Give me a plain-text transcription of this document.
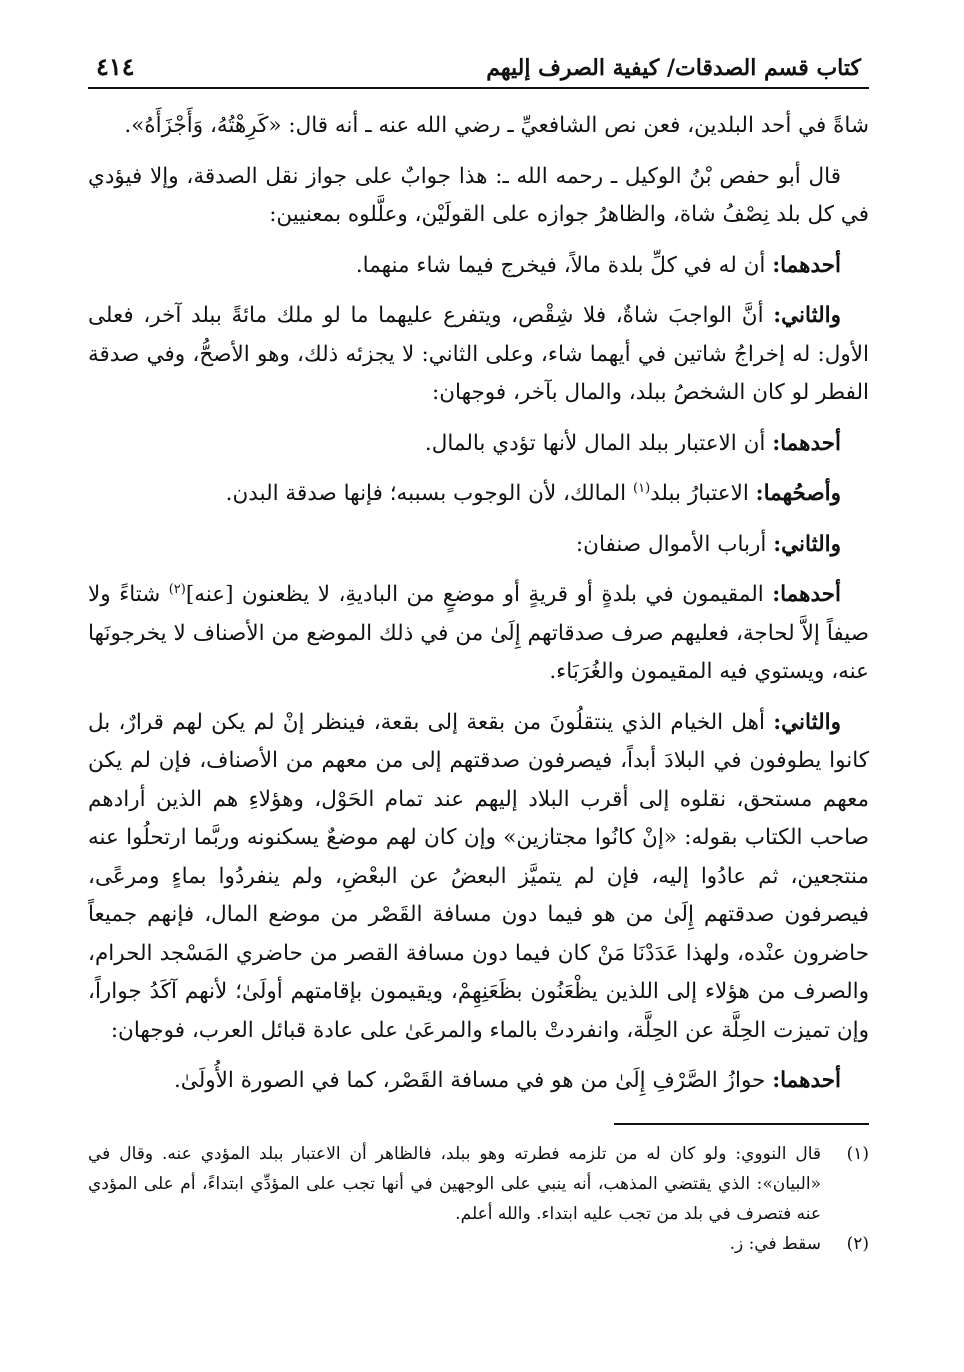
كتاب قسم الصدقات/ كيفية الصرف إليهم
٤١٤

شاةً في أحد البلدين، فعن نص الشافعيِّ ـ رضي الله عنه ـ أنه قال: «كَرِهْتُهُ، وَأَجْزَأَهُ».

قال أبو حفص بْنُ الوكيل ـ رحمه الله ـ: هذا جوابٌ على جواز نقل الصدقة، وإلا فيؤدي في كل بلد نِصْفُ شاة، والظاهرُ جوازه على القولَيْن، وعلَّلوه بمعنيين:

أحدهما: أن له في كلِّ بلدة مالاً، فيخرج فيما شاء منهما.

والثاني: أنَّ الواجبَ شاةٌ، فلا شِقْص، ويتفرع عليهما ما لو ملك مائةً ببلد آخر، فعلى الأول: له إخراجُ شاتين في أيهما شاء، وعلى الثاني: لا يجزئه ذلك، وهو الأصحُّ، وفي صدقة الفطر لو كان الشخصُ ببلد، والمال بآخر، فوجهان:

أحدهما: أن الاعتبار ببلد المال لأنها تؤدي بالمال.

وأصحُهما: الاعتبارُ ببلد$^{(١)}$ المالك، لأن الوجوب بسببه؛ فإنها صدقة البدن.

والثاني: أرباب الأموال صنفان:

أحدهما: المقيمون في بلدةٍ أو قريةٍ أو موضعٍ من الباديةِ، لا يظعنون [عنه]$^{(٢)}$ شتاءً ولا صيفاً إلاَّ لحاجة، فعليهم صرف صدقاتهم إِلَىٰ من في ذلك الموضع من الأصناف لا يخرجونَها عنه، ويستوي فيه المقيمون والغُرَبَاء.

والثاني: أهل الخيام الذي ينتقلُونَ من بقعة إلى بقعة، فينظر إنْ لم يكن لهم قرارٌ، بل كانوا يطوفون في البلادَ أبداً، فيصرفون صدقتهم إلى من معهم من الأصناف، فإن لم يكن معهم مستحق، نقلوه إلى أقرب البلاد إليهم عند تمام الحَوْل، وهؤلاءِ هم الذين أرادهم صاحب الكتاب بقوله: «إنْ كانُوا مجتازين» وإن كان لهم موضعٌ يسكنونه وربَّما ارتحلُوا عنه منتجعين، ثم عادُوا إليه، فإن لم يتميَّز البعضُ عن البعْضِ، ولم ينفردُوا بماءٍ ومرعًى، فيصرفون صدقتهم إِلَىٰ من هو فيما دون مسافة القَصْر من موضع المال، فإنهم جميعاً حاضرون عنْده، ولهذا عَدَدْنَا مَنْ كان فيما دون مسافة القصر من حاضري المَسْجد الحرام، والصرف من هؤلاء إلى اللذين يظْعَنُون بظَعَنِهِمْ، ويقيمون بإقامتهم أولَىٰ؛ لأنهم آكَدُ جواراً، وإن تميزت الحِلَّة عن الحِلَّة، وانفردتْ بالماء والمرعَىٰ على عادة قبائل العرب، فوجهان:

أحدهما: حوازُ الصَّرْفِ إِلَىٰ من هو في مسافة القَصْر، كما في الصورة الأُولَىٰ.

(١)
قال النووي: ولو كان له من تلزمه فطرته وهو ببلد، فالظاهر أن الاعتبار ببلد المؤدي عنه. وقال في «البيان»: الذي يقتضي المذهب، أنه ينبي على الوجهين في أنها تجب على المؤدِّي ابتداءً، أم على المؤدي عنه فتصرف في بلد من تجب عليه ابتداء. والله أعلم.
(٢)
سقط في: ز.
